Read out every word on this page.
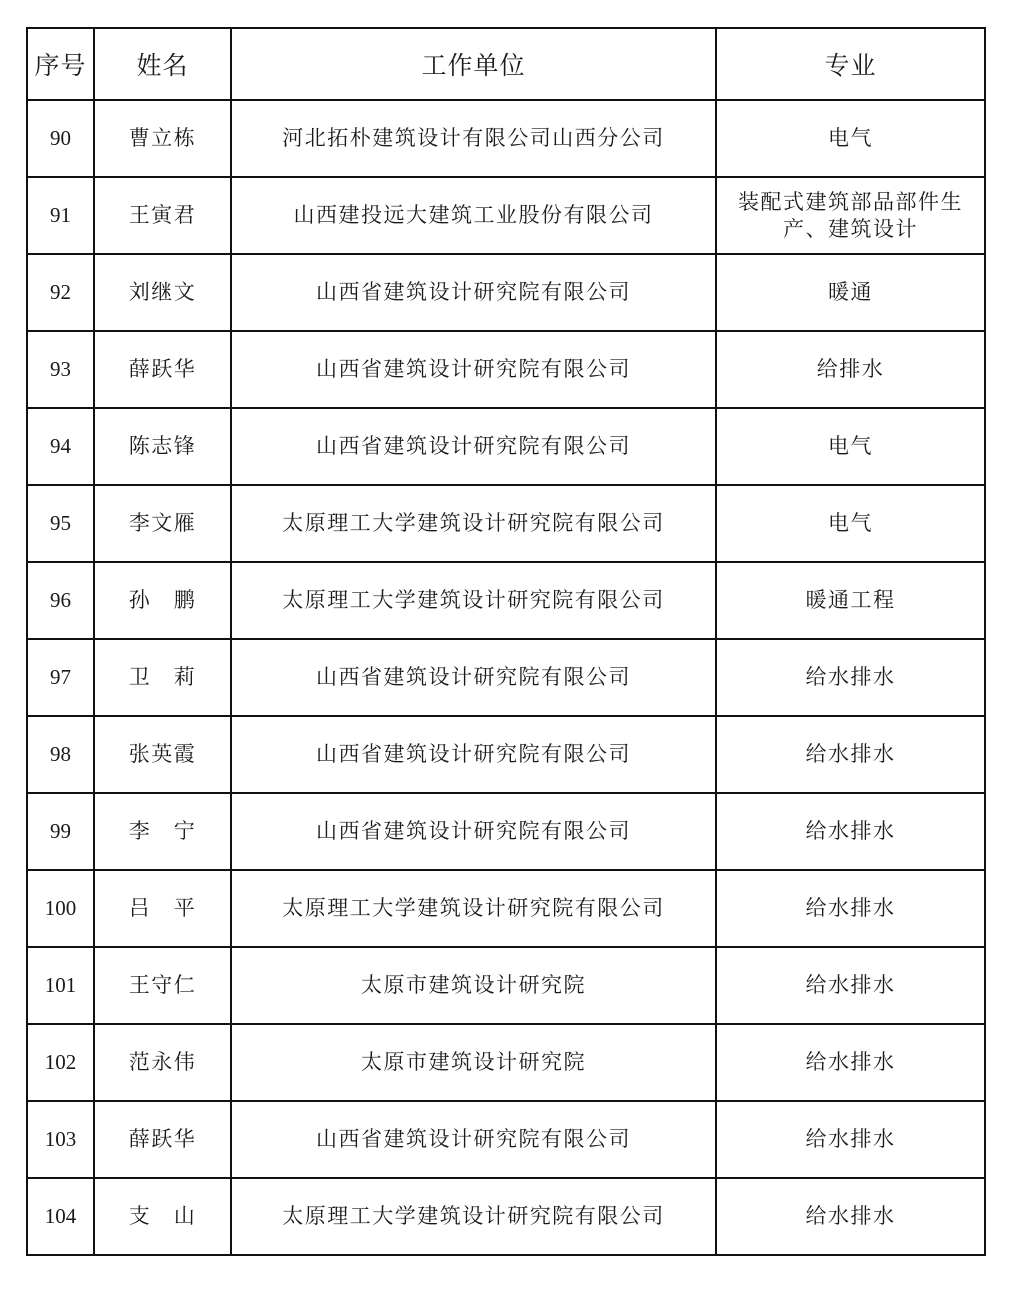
序号	姓名	工作单位	专业
90	曹立栋	河北拓朴建筑设计有限公司山西分公司	电气
91	王寅君	山西建投远大建筑工业股份有限公司	装配式建筑部品部件生产、建筑设计
92	刘继文	山西省建筑设计研究院有限公司	暖通
93	薛跃华	山西省建筑设计研究院有限公司	给排水
94	陈志锋	山西省建筑设计研究院有限公司	电气
95	李文雁	太原理工大学建筑设计研究院有限公司	电气
96	孙　鹏	太原理工大学建筑设计研究院有限公司	暖通工程
97	卫　莉	山西省建筑设计研究院有限公司	给水排水
98	张英霞	山西省建筑设计研究院有限公司	给水排水
99	李　宁	山西省建筑设计研究院有限公司	给水排水
100	吕　平	太原理工大学建筑设计研究院有限公司	给水排水
101	王守仁	太原市建筑设计研究院	给水排水
102	范永伟	太原市建筑设计研究院	给水排水
103	薛跃华	山西省建筑设计研究院有限公司	给水排水
104	支　山	太原理工大学建筑设计研究院有限公司	给水排水
